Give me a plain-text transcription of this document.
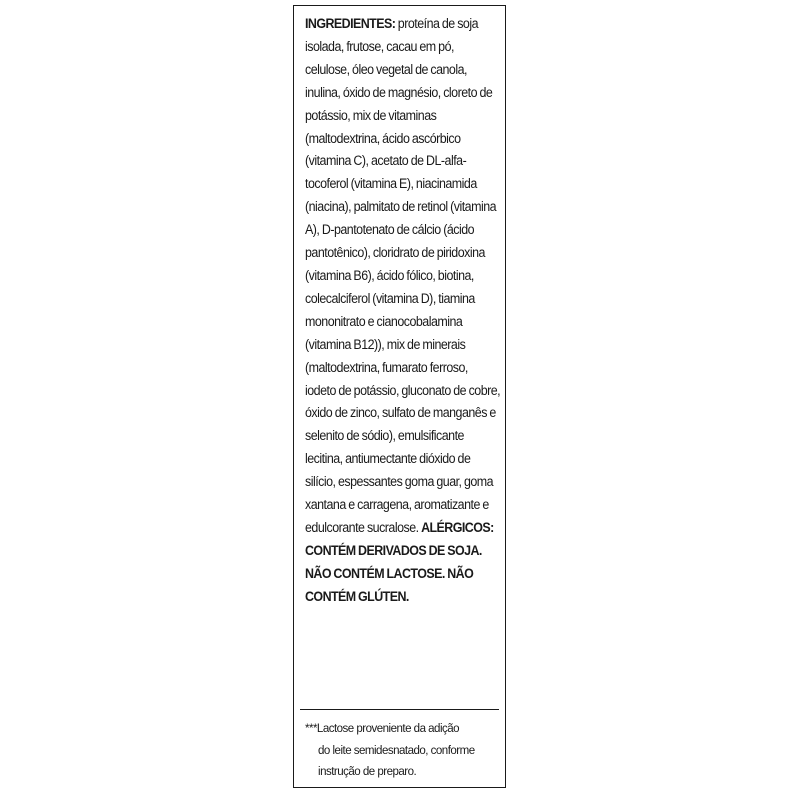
INGREDIENTES: proteína de soja isolada, frutose, cacau em pó, celulose, óleo vegetal de canola, inulina, óxido de magnésio, cloreto de potássio, mix de vitaminas (maltodextrina, ácido ascórbico (vitamina C), acetato de DL-alfa-tocoferol (vitamina E), niacinamida (niacina), palmitato de retinol (vitamina A), D-pantotenato de cálcio (ácido pantotênico), cloridrato de piridoxina (vitamina B6), ácido fólico, biotina, colecalciferol (vitamina D), tiamina mononitrato e cianocobalamina (vitamina B12)), mix de minerais (maltodextrina, fumarato ferroso, iodeto de potássio, gluconato de cobre, óxido de zinco, sulfato de manganês e selenito de sódio), emulsificante lecitina, antiumectante dióxido de silício, espessantes goma guar, goma xantana e carragena, aromatizante e edulcorante sucralose. ALÉRGICOS: CONTÉM DERIVADOS DE SOJA. NÃO CONTÉM LACTOSE. NÃO CONTÉM GLÚTEN.

***Lactose proveniente da adição
do leite semidesnatado, conforme
instrução de preparo.
